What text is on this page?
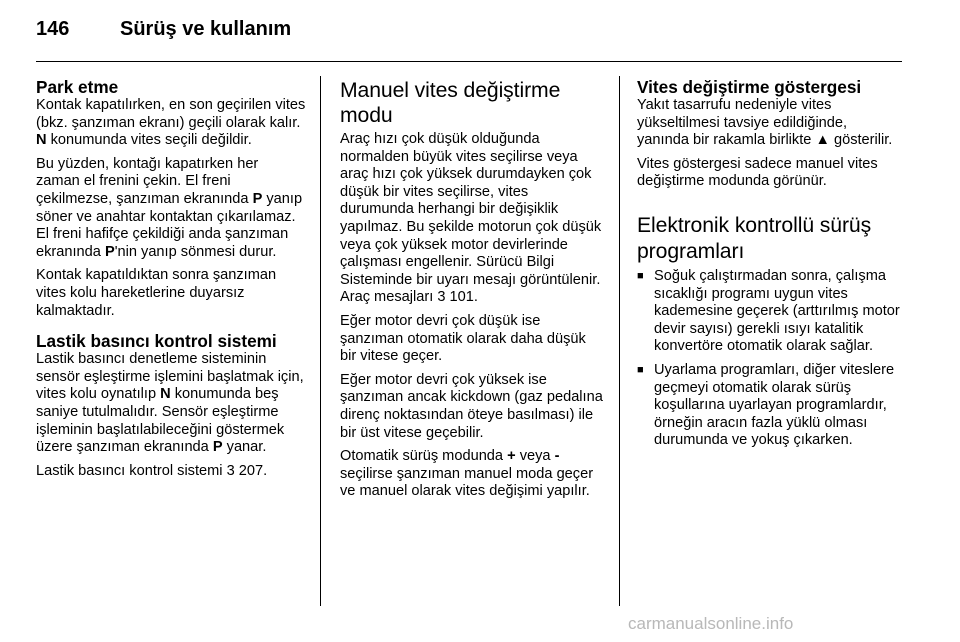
146	Sürüş ve kullanım
Park etme

Kontak kapatılırken, en son geçirilen vites (bkz. şanzıman ekranı) geçili olarak kalır. N konumunda vites seçili değildir.

Bu yüzden, kontağı kapatırken her zaman el frenini çekin. El freni çekilmezse, şanzıman ekranında P yanıp söner ve anahtar kontaktan çıkarılamaz. El freni hafifçe çekildiği anda şanzıman ekranında P'nin yanıp sönmesi durur.

Kontak kapatıldıktan sonra şanzıman vites kolu hareketlerine duyarsız kalmaktadır.

Lastik basıncı kontrol sistemi

Lastik basıncı denetleme sisteminin sensör eşleştirme işlemini başlatmak için, vites kolu oynatılıp N konumunda beş saniye tutulmalıdır. Sensör eşleştirme işleminin başlatılabileceğini göstermek üzere şanzıman ekranında P yanar.

Lastik basıncı kontrol sistemi 3 207.

Manuel vites değiştirme modu

Araç hızı çok düşük olduğunda normalden büyük vites seçilirse veya araç hızı çok yüksek durumdayken çok düşük bir vites seçilirse, vites durumunda herhangi bir değişiklik yapılmaz. Bu şekilde motorun çok düşük veya çok yüksek motor devirlerinde çalışması engellenir. Sürücü Bilgi Sisteminde bir uyarı mesajı görüntülenir. Araç mesajları 3 101.

Eğer motor devri çok düşük ise şanzıman otomatik olarak daha düşük bir vitese geçer.

Eğer motor devri çok yüksek ise şanzıman ancak kickdown (gaz pedalına direnç noktasından öteye basılması) ile bir üst vitese geçebilir.

Otomatik sürüş modunda + veya - seçilirse şanzıman manuel moda geçer ve manuel olarak vites değişimi yapılır.

Vites değiştirme göstergesi

Yakıt tasarrufu nedeniyle vites yükseltilmesi tavsiye edildiğinde, yanında bir rakamla birlikte ▲ gösterilir.

Vites göstergesi sadece manuel vites değiştirme modunda görünür.

Elektronik kontrollü sürüş programları
■ Soğuk çalıştırmadan sonra, çalışma sıcaklığı programı uygun vites kademesine geçerek (arttırılmış motor devir sayısı) gerekli ısıyı katalitik konvertöre otomatik olarak sağlar.
■ Uyarlama programları, diğer viteslere geçmeyi otomatik olarak sürüş koşullarına uyarlayan programlardır, örneğin aracın fazla yüklü olması durumunda ve yokuş çıkarken.
carmanualsonline.info
